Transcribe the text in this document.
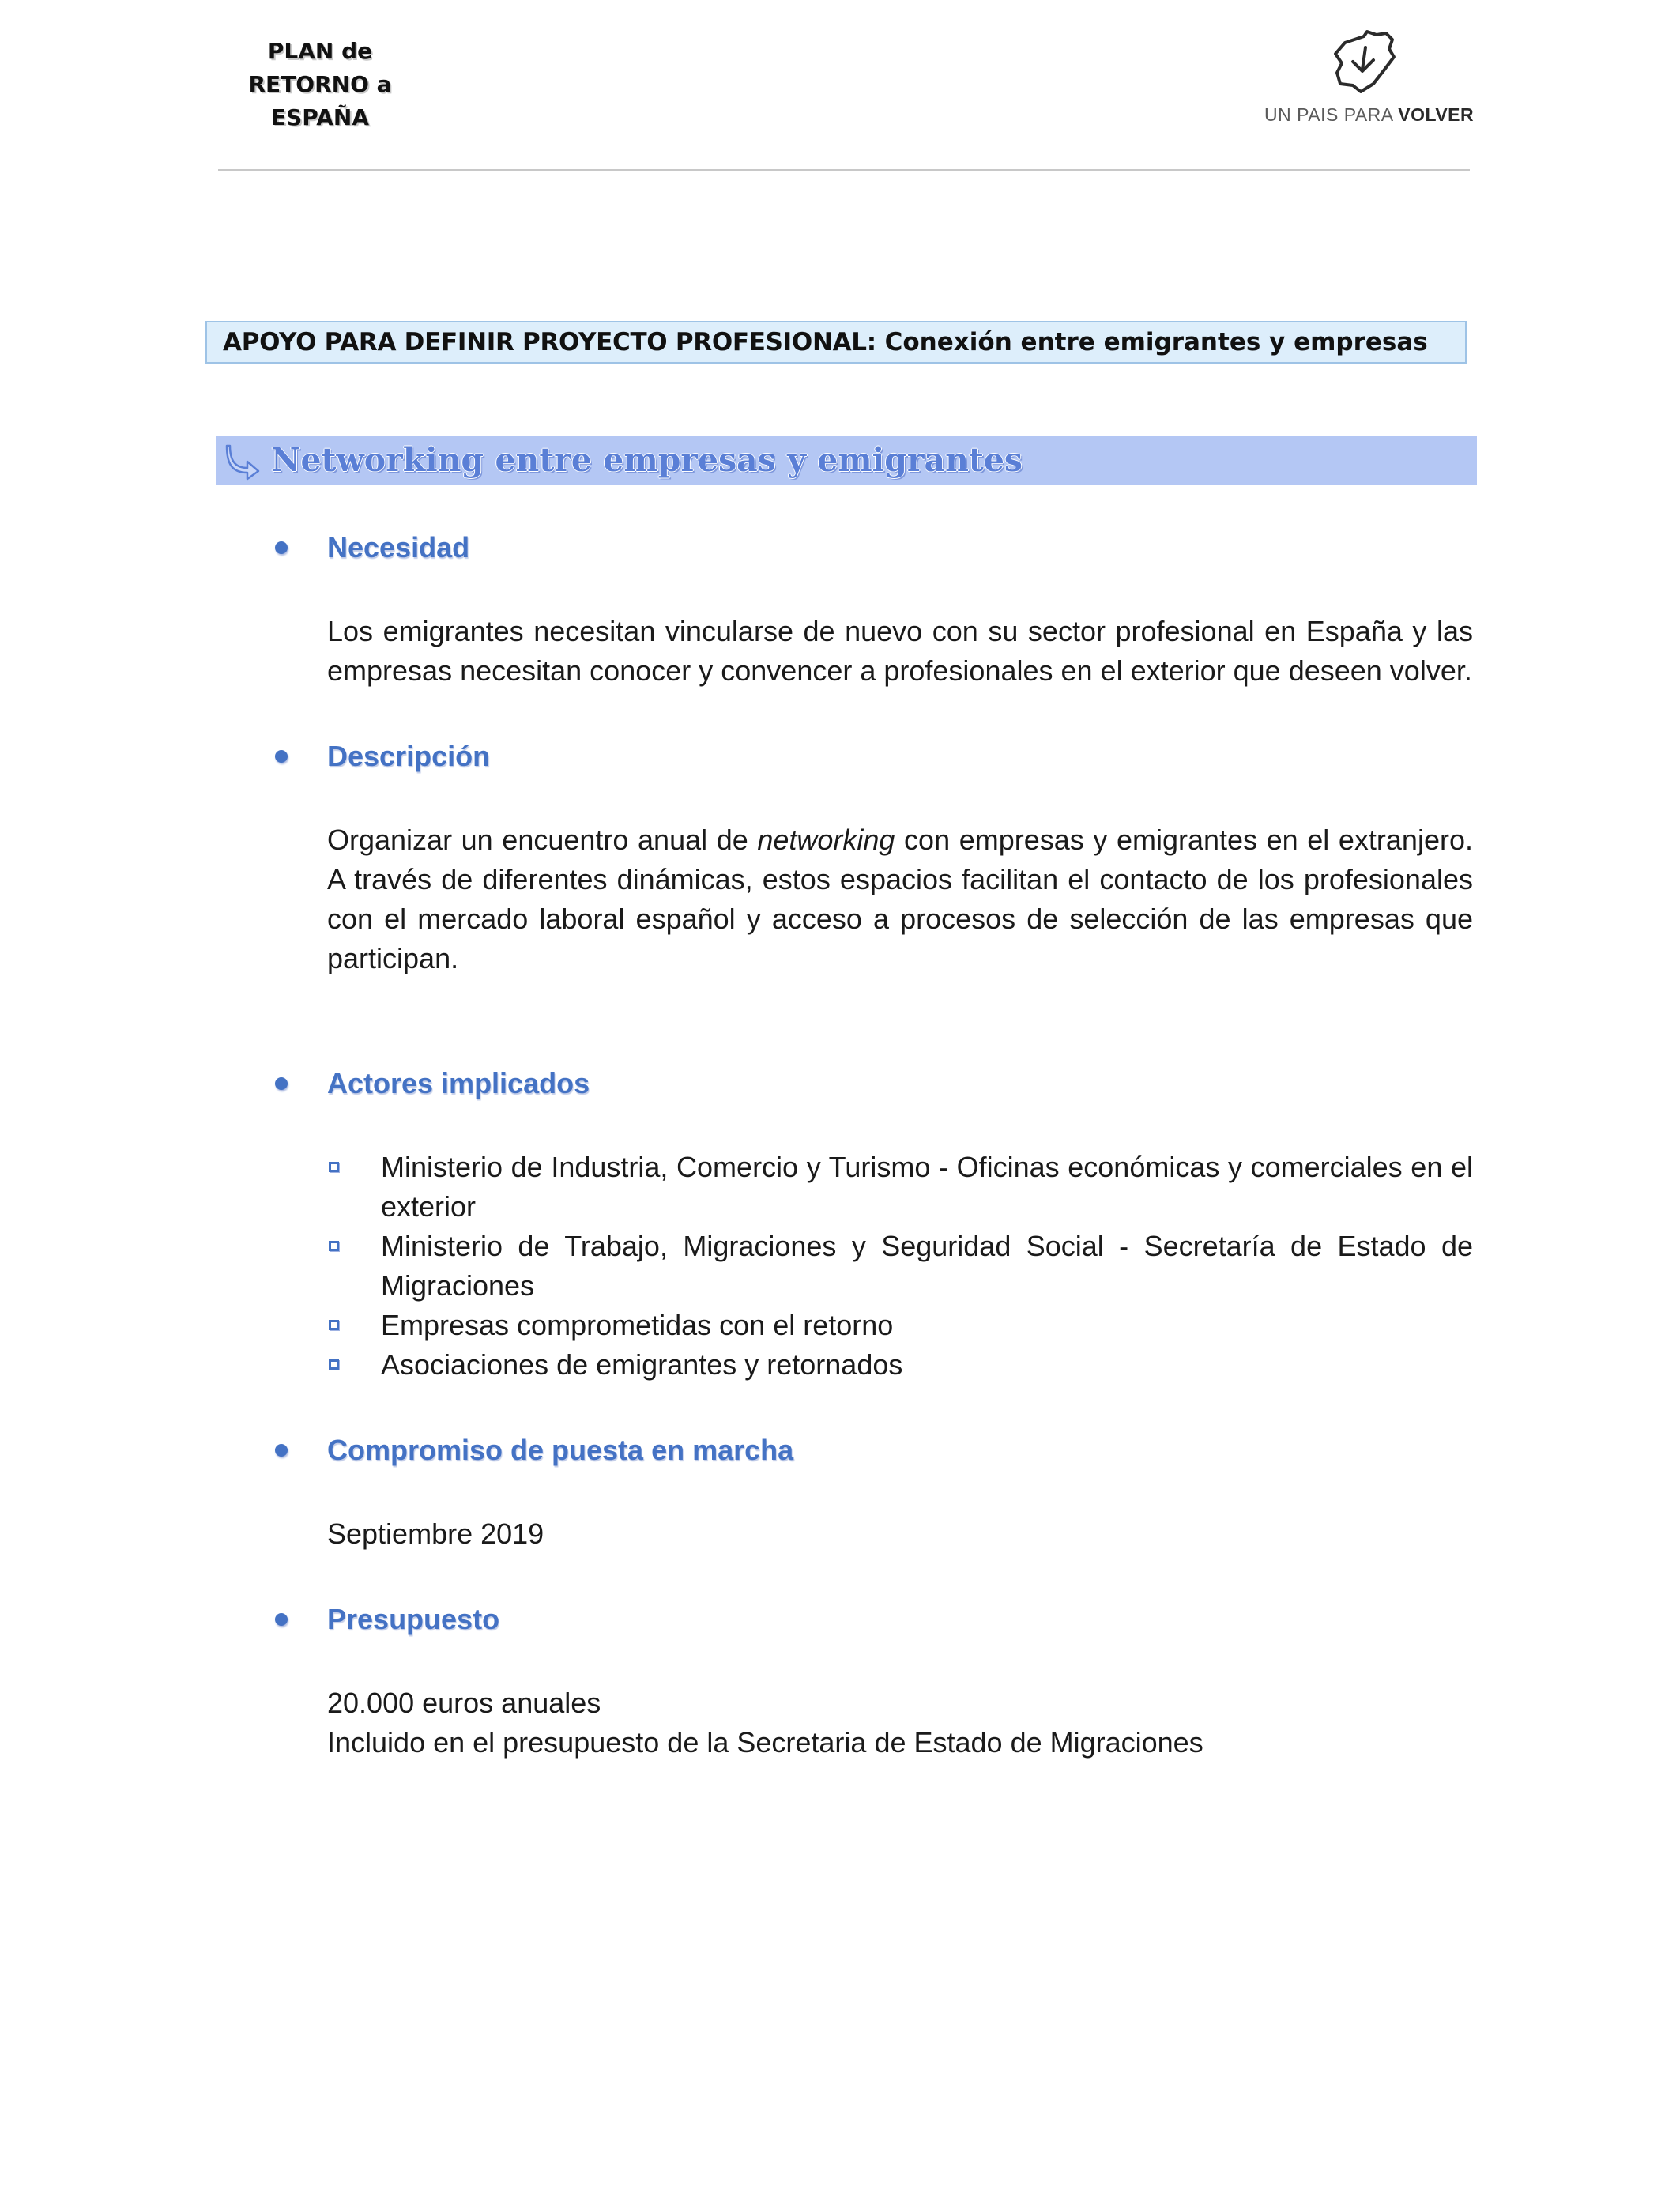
PLAN de
RETORNO a
ESPAÑA	UN PAIS PARA VOLVER
APOYO PARA DEFINIR PROYECTO PROFESIONAL: Conexión entre emigrantes y empresas
Networking entre empresas y emigrantes
Necesidad

Los emigrantes necesitan vincularse de nuevo con su sector profesional en España y las empresas necesitan conocer y convencer a profesionales en el exterior que deseen volver.

Descripción

Organizar un encuentro anual de networking con empresas y emigrantes en el extranjero. A través de diferentes dinámicas, estos espacios facilitan el contacto de los profesionales con el mercado laboral español y acceso a procesos de selección de las empresas que participan.

Actores implicados
Ministerio de Industria, Comercio y Turismo - Oficinas económicas y comerciales en el exterior
Ministerio de Trabajo, Migraciones y Seguridad Social - Secretaría de Estado de Migraciones
Empresas comprometidas con el retorno
Asociaciones de emigrantes y retornados
Compromiso de puesta en marcha

Septiembre 2019

Presupuesto

20.000 euros anuales

Incluido en el presupuesto de la Secretaria de Estado de Migraciones
